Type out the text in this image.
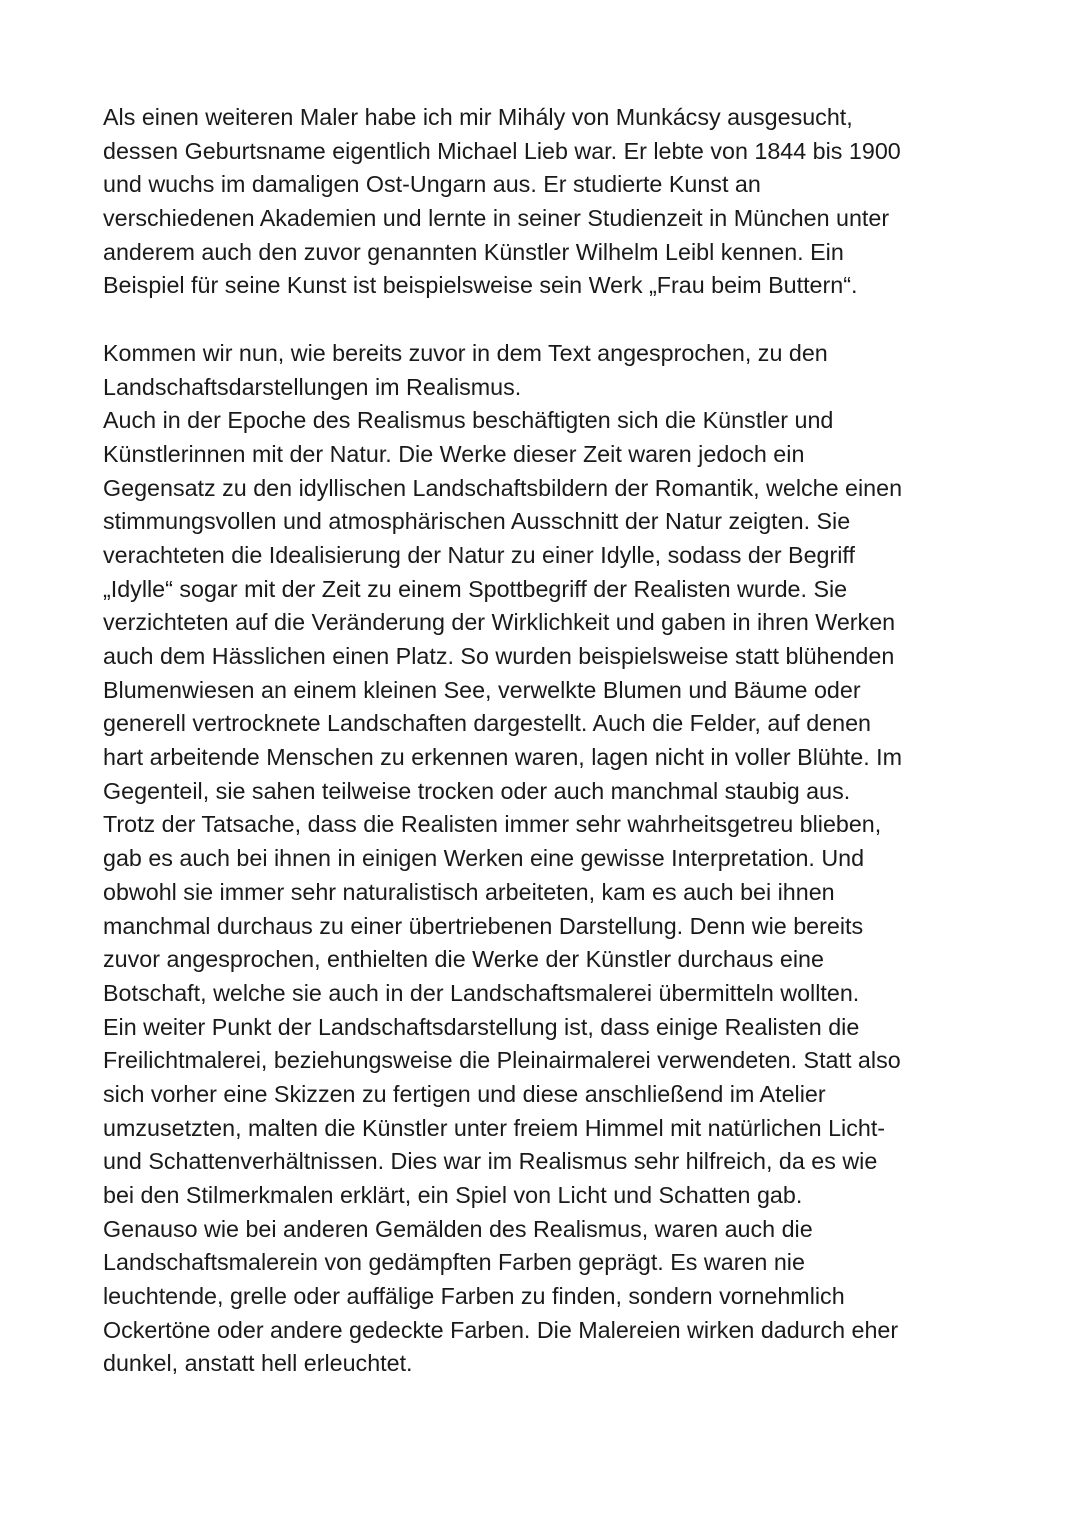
Als einen weiteren Maler habe ich mir Mihály von Munkácsy ausgesucht,
dessen Geburtsname eigentlich Michael Lieb war. Er lebte von 1844 bis 1900
und wuchs im damaligen Ost-Ungarn aus. Er studierte Kunst an
verschiedenen Akademien und lernte in seiner Studienzeit in München unter
anderem auch den zuvor genannten Künstler Wilhelm Leibl kennen. Ein
Beispiel für seine Kunst ist beispielsweise sein Werk „Frau beim Buttern“.
Kommen wir nun, wie bereits zuvor in dem Text angesprochen, zu den
Landschaftsdarstellungen im Realismus.
Auch in der Epoche des Realismus beschäftigten sich die Künstler und
Künstlerinnen mit der Natur. Die Werke dieser Zeit waren jedoch ein
Gegensatz zu den idyllischen Landschaftsbildern der Romantik, welche einen
stimmungsvollen und atmosphärischen Ausschnitt der Natur zeigten. Sie
verachteten die Idealisierung der Natur zu einer Idylle, sodass der Begriff
„Idylle“ sogar mit der Zeit zu einem Spottbegriff der Realisten wurde. Sie
verzichteten auf die Veränderung der Wirklichkeit und gaben in ihren Werken
auch dem Hässlichen einen Platz. So wurden beispielsweise statt blühenden
Blumenwiesen an einem kleinen See, verwelkte Blumen und Bäume oder
generell vertrocknete Landschaften dargestellt. Auch die Felder, auf denen
hart arbeitende Menschen zu erkennen waren, lagen nicht in voller Blühte. Im
Gegenteil, sie sahen teilweise trocken oder auch manchmal staubig aus.
Trotz der Tatsache, dass die Realisten immer sehr wahrheitsgetreu blieben,
gab es auch bei ihnen in einigen Werken eine gewisse Interpretation. Und
obwohl sie immer sehr naturalistisch arbeiteten, kam es auch bei ihnen
manchmal durchaus zu einer übertriebenen Darstellung. Denn wie bereits
zuvor angesprochen, enthielten die Werke der Künstler durchaus eine
Botschaft, welche sie auch in der Landschaftsmalerei übermitteln wollten.
Ein weiter Punkt der Landschaftsdarstellung ist, dass einige Realisten die
Freilichtmalerei, beziehungsweise die Pleinairmalerei verwendeten. Statt also
sich vorher eine Skizzen zu fertigen und diese anschließend im Atelier
umzusetzten, malten die Künstler unter freiem Himmel mit natürlichen Licht-
und Schattenverhältnissen. Dies war im Realismus sehr hilfreich, da es wie
bei den Stilmerkmalen erklärt, ein Spiel von Licht und Schatten gab.
Genauso wie bei anderen Gemälden des Realismus, waren auch die
Landschaftsmalerein von gedämpften Farben geprägt. Es waren nie
leuchtende, grelle oder auffälige Farben zu finden, sondern vornehmlich
Ockertöne oder andere gedeckte Farben. Die Malereien wirken dadurch eher
dunkel, anstatt hell erleuchtet.
